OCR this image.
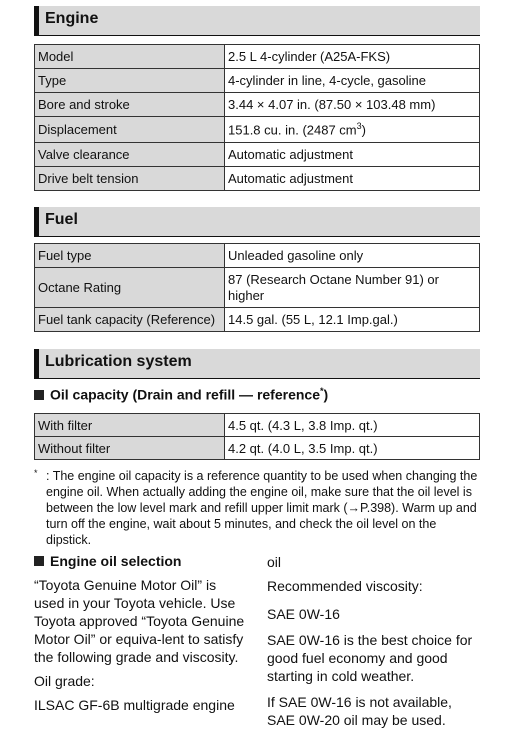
Engine
Model	2.5 L 4-cylinder (A25A-FKS)
Type	4-cylinder in line, 4-cycle, gasoline
Bore and stroke	3.44 × 4.07 in. (87.50 × 103.48 mm)
Displacement	151.8 cu. in. (2487 $cm^3$)
Valve clearance	Automatic adjustment
Drive belt tension	Automatic adjustment
Fuel
Fuel type	Unleaded gasoline only
Octane Rating	87 (Research Octane Number 91) or higher
Fuel tank capacity (Reference)	14.5 gal. (55 L, 12.1 Imp.gal.)
Lubrication system
Oil capacity (Drain and refill — reference*)
With filter	4.5 qt. (4.3 L, 3.8 Imp. qt.)
Without filter	4.2 qt. (4.0 L, 3.5 Imp. qt.)
* : The engine oil capacity is a reference quantity to be used when changing the engine oil. When actually adding the engine oil, make sure that the oil level is between the low level mark and refill upper limit mark (→P.398). Warm up and turn off the engine, wait about 5 minutes, and check the oil level on the dipstick.
Engine oil selection

“Toyota Genuine Motor Oil” is used in your Toyota vehicle. Use Toyota approved “Toyota Genuine Motor Oil” or equiva-lent to satisfy the following grade and viscosity.

Oil grade:

ILSAC GF-6B multigrade engine

oil

Recommended viscosity:

SAE 0W-16

SAE 0W-16 is the best choice for good fuel economy and good starting in cold weather.

If SAE 0W-16 is not available, SAE 0W-20 oil may be used.
